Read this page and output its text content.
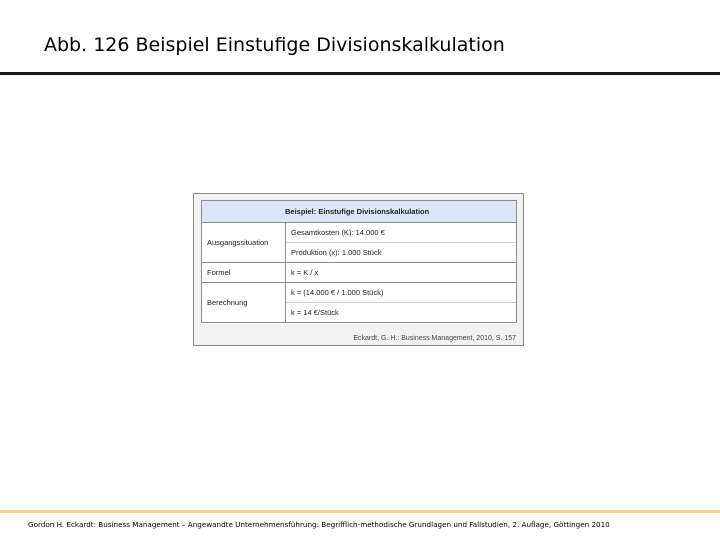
Abb. 126 Beispiel Einstufige Divisionskalkulation
Beispiel: Einstufige Divisionskalkulation	
Ausgangssituation	Gesamtkosten (K): 14.000 €
Produktion (x): 1.000 Stück

Formel	k = K / x

Berechnung	k = (14.000 € / 1.000 Stück)
k = 14 €/Stück
Eckardt, G. H.: Business Management, 2010, S. 157
Gordon H. Eckardt: Business Management – Angewandte Unternehmensführung: Begrifflich-methodische Grundlagen und Fallstudien, 2. Auflage, Göttingen 2010
